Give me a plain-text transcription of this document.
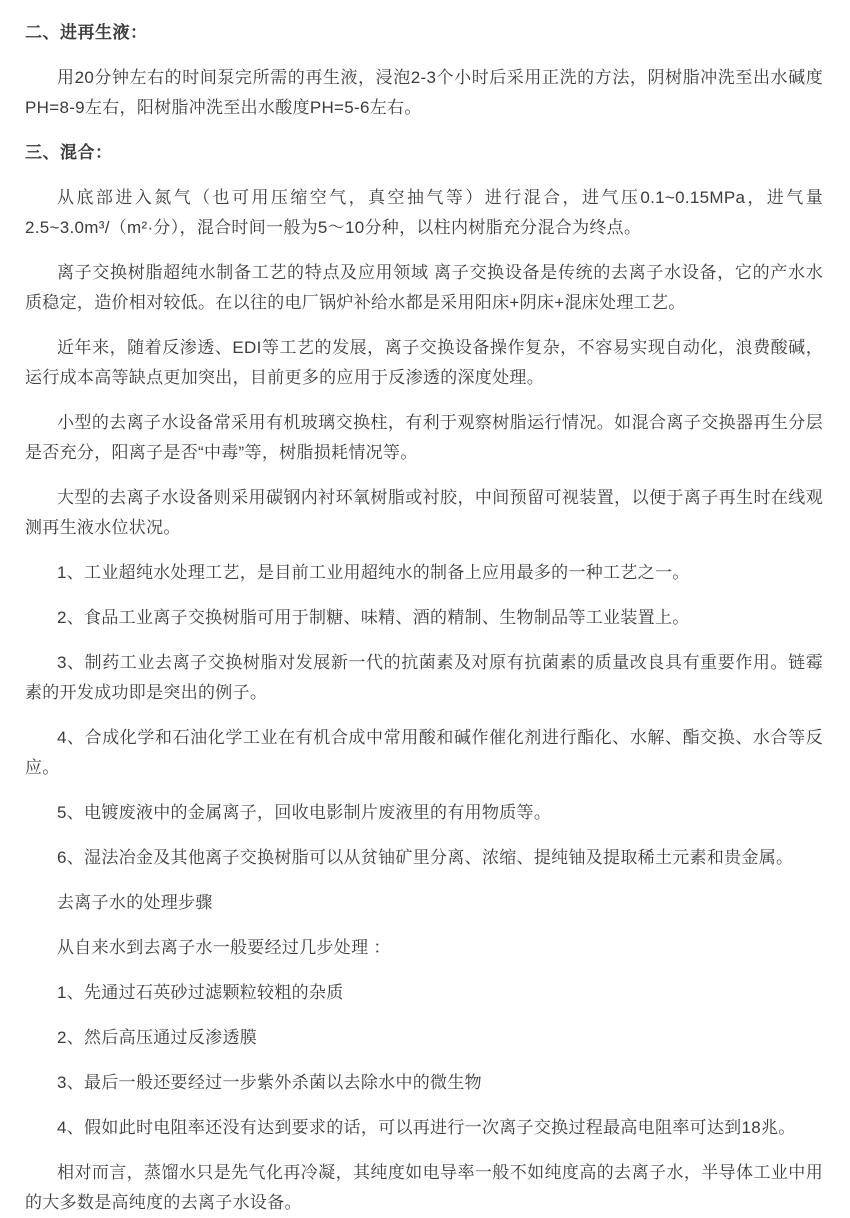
二、进再生液：

用20分钟左右的时间泵完所需的再生液，浸泡2-3个小时后采用正洗的方法，阴树脂冲洗至出水碱度PH=8-9左右，阳树脂冲洗至出水酸度PH=5-6左右。

三、混合：

从底部进入氮气（也可用压缩空气，真空抽气等）进行混合，进气压0.1~0.15MPa，进气量2.5~3.0m³/（m²·分），混合时间一般为5～10分种，以柱内树脂充分混合为终点。

离子交换树脂超纯水制备工艺的特点及应用领域 离子交换设备是传统的去离子水设备，它的产水水质稳定，造价相对较低。在以往的电厂锅炉补给水都是采用阳床+阴床+混床处理工艺。

近年来，随着反渗透、EDI等工艺的发展，离子交换设备操作复杂，不容易实现自动化，浪费酸碱，运行成本高等缺点更加突出，目前更多的应用于反渗透的深度处理。

小型的去离子水设备常采用有机玻璃交换柱，有利于观察树脂运行情况。如混合离子交换器再生分层是否充分，阳离子是否“中毒”等，树脂损耗情况等。

大型的去离子水设备则采用碳钢内衬环氧树脂或衬胶，中间预留可视装置，以便于离子再生时在线观测再生液水位状况。

1、工业超纯水处理工艺，是目前工业用超纯水的制备上应用最多的一种工艺之一。

2、食品工业离子交换树脂可用于制糖、味精、酒的精制、生物制品等工业装置上。

3、制药工业去离子交换树脂对发展新一代的抗菌素及对原有抗菌素的质量改良具有重要作用。链霉素的开发成功即是突出的例子。

4、合成化学和石油化学工业在有机合成中常用酸和碱作催化剂进行酯化、水解、酯交换、水合等反应。

5、电镀废液中的金属离子，回收电影制片废液里的有用物质等。

6、湿法冶金及其他离子交换树脂可以从贫铀矿里分离、浓缩、提纯铀及提取稀土元素和贵金属。

去离子水的处理步骤

从自来水到去离子水一般要经过几步处理 ：

1、先通过石英砂过滤颗粒较粗的杂质

2、然后高压通过反渗透膜

3、最后一般还要经过一步紫外杀菌以去除水中的微生物

4、假如此时电阻率还没有达到要求的话，可以再进行一次离子交换过程最高电阻率可达到18兆。

相对而言，蒸馏水只是先气化再冷凝，其纯度如电导率一般不如纯度高的去离子水，半导体工业中用的大多数是高纯度的去离子水设备。
